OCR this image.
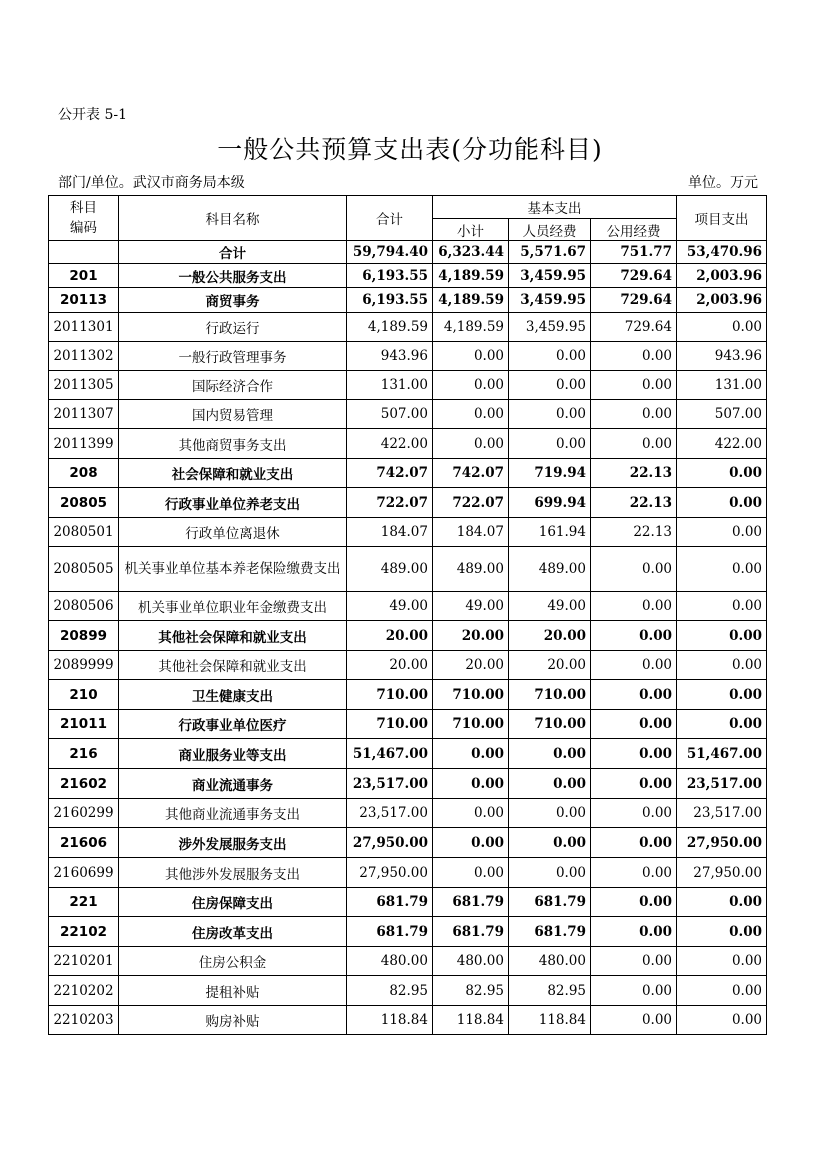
公开表 5-1
一般公共预算支出表(分功能科目)
部门/单位。武汉市商务局本级	单位。万元
科目
编码	科目名称	合计	基本支出			项目支出
			小计	人员经费	公用经费	
	合计	59,794.40	6,323.44	5,571.67	751.77	53,470.96
201	一般公共服务支出	6,193.55	4,189.59	3,459.95	729.64	2,003.96
20113	商贸事务	6,193.55	4,189.59	3,459.95	729.64	2,003.96
2011301	行政运行	4,189.59	4,189.59	3,459.95	729.64	0.00
2011302	一般行政管理事务	943.96	0.00	0.00	0.00	943.96
2011305	国际经济合作	131.00	0.00	0.00	0.00	131.00
2011307	国内贸易管理	507.00	0.00	0.00	0.00	507.00
2011399	其他商贸事务支出	422.00	0.00	0.00	0.00	422.00
208	社会保障和就业支出	742.07	742.07	719.94	22.13	0.00
20805	行政事业单位养老支出	722.07	722.07	699.94	22.13	0.00
2080501	行政单位离退休	184.07	184.07	161.94	22.13	0.00
2080505	机关事业单位基本养老保险缴费支出	489.00	489.00	489.00	0.00	0.00
2080506	机关事业单位职业年金缴费支出	49.00	49.00	49.00	0.00	0.00
20899	其他社会保障和就业支出	20.00	20.00	20.00	0.00	0.00
2089999	其他社会保障和就业支出	20.00	20.00	20.00	0.00	0.00
210	卫生健康支出	710.00	710.00	710.00	0.00	0.00
21011	行政事业单位医疗	710.00	710.00	710.00	0.00	0.00
216	商业服务业等支出	51,467.00	0.00	0.00	0.00	51,467.00
21602	商业流通事务	23,517.00	0.00	0.00	0.00	23,517.00
2160299	其他商业流通事务支出	23,517.00	0.00	0.00	0.00	23,517.00
21606	涉外发展服务支出	27,950.00	0.00	0.00	0.00	27,950.00
2160699	其他涉外发展服务支出	27,950.00	0.00	0.00	0.00	27,950.00
221	住房保障支出	681.79	681.79	681.79	0.00	0.00
22102	住房改革支出	681.79	681.79	681.79	0.00	0.00
2210201	住房公积金	480.00	480.00	480.00	0.00	0.00
2210202	提租补贴	82.95	82.95	82.95	0.00	0.00
2210203	购房补贴	118.84	118.84	118.84	0.00	0.00
